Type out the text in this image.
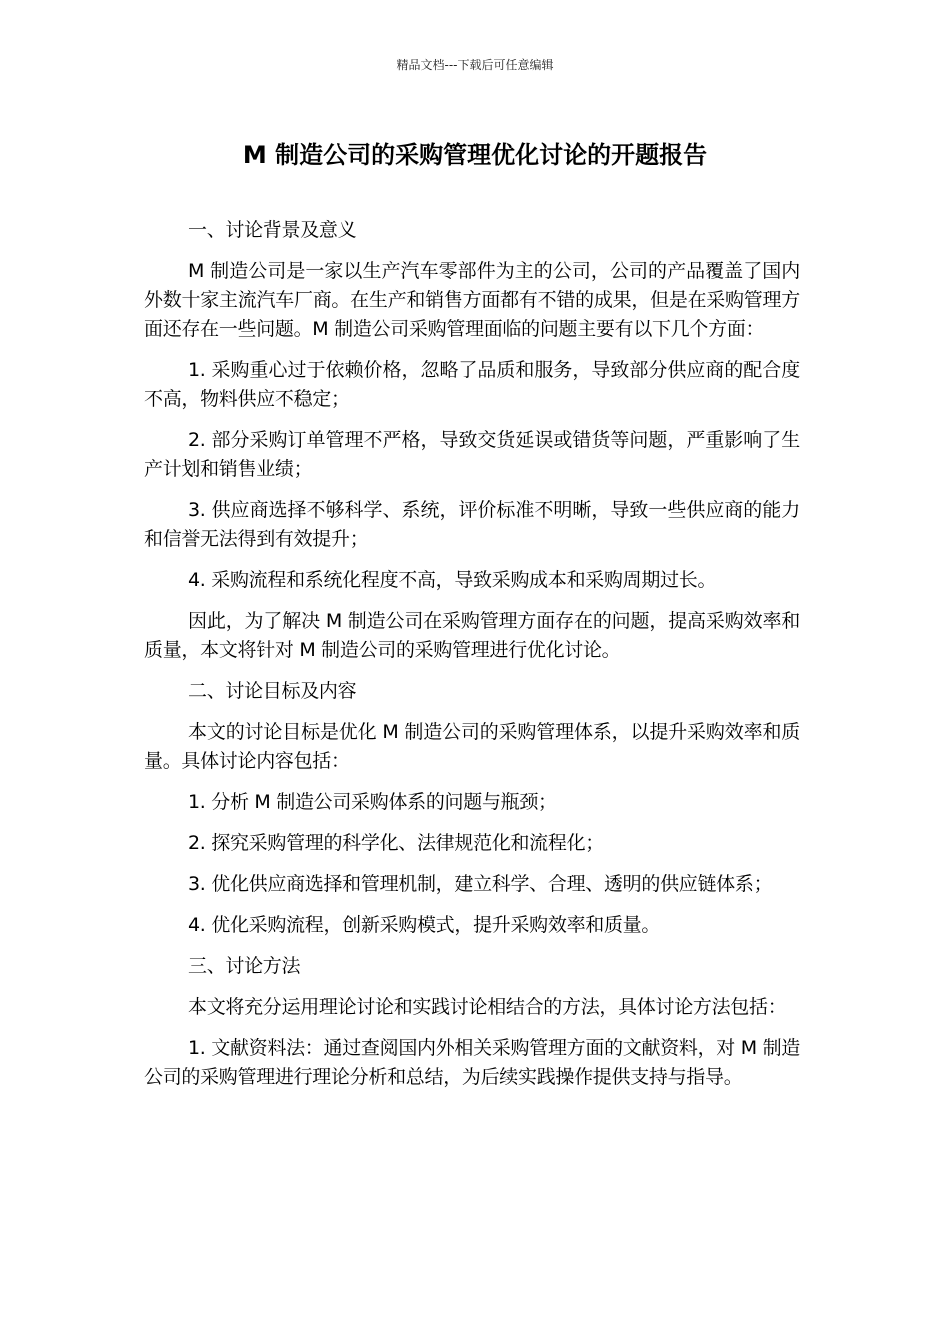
精品文档---下载后可任意编辑
M 制造公司的采购管理优化讨论的开题报告

一、讨论背景及意义

M 制造公司是一家以生产汽车零部件为主的公司，公司的产品覆盖了国内外数十家主流汽车厂商。在生产和销售方面都有不错的成果，但是在采购管理方面还存在一些问题。M 制造公司采购管理面临的问题主要有以下几个方面：

1. 采购重心过于依赖价格，忽略了品质和服务，导致部分供应商的配合度不高，物料供应不稳定；

2. 部分采购订单管理不严格，导致交货延误或错货等问题，严重影响了生产计划和销售业绩；

3. 供应商选择不够科学、系统，评价标准不明晰，导致一些供应商的能力和信誉无法得到有效提升；

4. 采购流程和系统化程度不高，导致采购成本和采购周期过长。

因此，为了解决 M 制造公司在采购管理方面存在的问题，提高采购效率和质量，本文将针对 M 制造公司的采购管理进行优化讨论。

二、讨论目标及内容

本文的讨论目标是优化 M 制造公司的采购管理体系，以提升采购效率和质量。具体讨论内容包括：

1. 分析 M 制造公司采购体系的问题与瓶颈；

2. 探究采购管理的科学化、法律规范化和流程化；

3. 优化供应商选择和管理机制，建立科学、合理、透明的供应链体系；

4. 优化采购流程，创新采购模式，提升采购效率和质量。

三、讨论方法

本文将充分运用理论讨论和实践讨论相结合的方法，具体讨论方法包括：

1. 文献资料法：通过查阅国内外相关采购管理方面的文献资料，对 M 制造公司的采购管理进行理论分析和总结，为后续实践操作提供支持与指导。
